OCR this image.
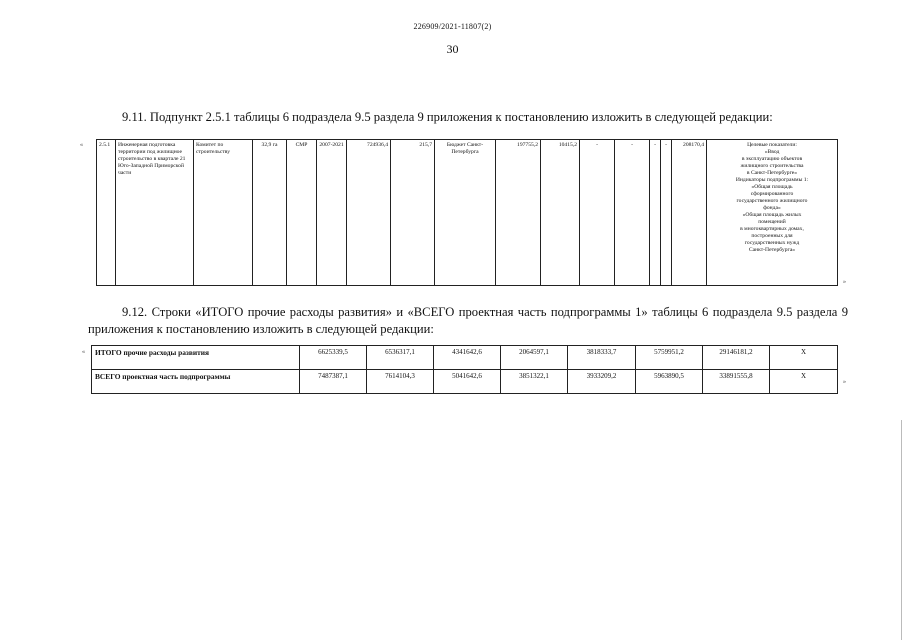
226909/2021-11807(2)
30
9.11. Подпункт 2.5.1 таблицы 6 подраздела 9.5 раздела 9 приложения к постановлению изложить в следующей редакции:
«	2.5.1	Инженерная подготовка территории под жилищное строительство в квартале 21 Юго-Западной Приморской части	Комитет по строительству	32,9 га	СМР	2007-2021	724936,4	215,7	Бюджет Санкт-Петербурга	197755,2	10415,2	-	-	-	-	208170,4	Целевые показатели:
«Ввод
в эксплуатацию объектов
жилищного строительства
в Санкт-Петербурге»
Индикаторы подпрограммы 1:
«Общая площадь
сформированного
государственного жилищного
фонда»
«Общая площадь жилых
помещений
в многоквартирных домах,
построенных для
государственных нужд
Санкт-Петербурга»
»
9.12. Строки «ИТОГО прочие расходы развития» и «ВСЕГО проектная часть подпрограммы 1» таблицы 6 подраздела 9.5 раздела 9 приложения к постановлению изложить в следующей редакции:
« ИТОГО прочие расходы развития	6625339,5	6536317,1	4341642,6	2064597,1	3818333,7	5759951,2	29146181,2	Х
ВСЕГО проектная часть подпрограммы	7487387,1	7614104,3	5041642,6	3851322,1	3933209,2	5963890,5	33891555,8	Х
»
